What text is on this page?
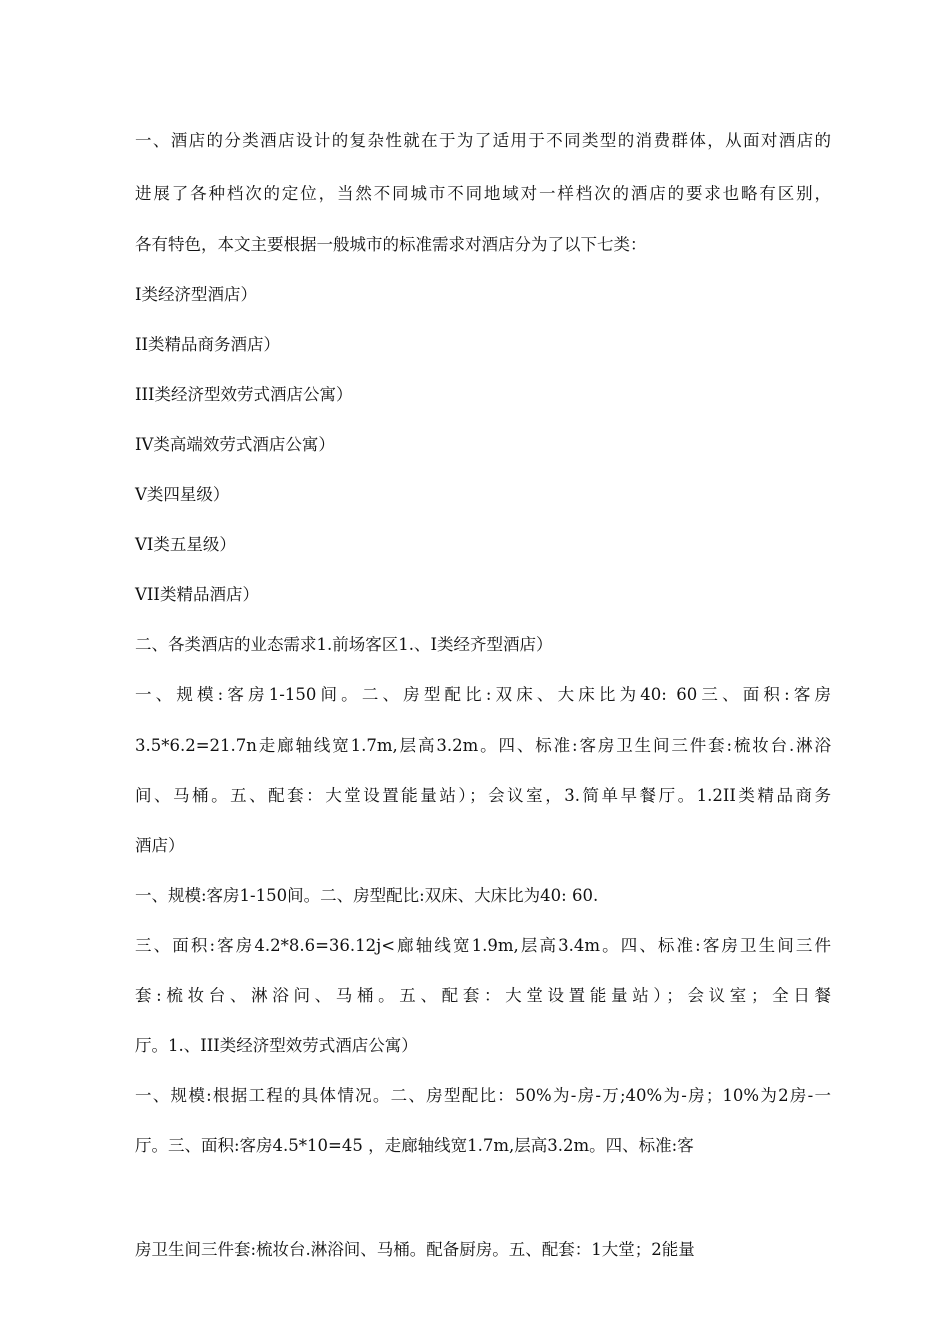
一、酒店的分类酒店设计的复杂性就在于为了适用于不同类型的消费群体，从面对酒店的
进展了各种档次的定位，当然不同城市不同地域对一样档次的酒店的要求也略有区别，
各有特色，本文主要根据一般城市的标准需求对酒店分为了以下七类：
I类经济型酒店）
II类精品商务酒店）
III类经济型效劳式酒店公寓）
IV类高端效劳式酒店公寓）
V类四星级）
VI类五星级）
VII类精品酒店）
二、各类酒店的业态需求1.前场客区1.、I类经齐型酒店）
一、规模:客房1-150间。二、房型配比:双床、大床比为40: 60三、面积:客房
3.5*6.2=21.7n走廊轴线宽1.7m,层高3.2m。四、标准:客房卫生间三件套:梳妆台.淋浴
间、马桶。五、配套：大堂设置能量站）；会议室，3.简单早餐厅。1.2II类精品商务
酒店）
一、规模:客房1-150间。二、房型配比:双床、大床比为40: 60.
三、面积:客房4.2*8.6=36.12j<廊轴线宽1.9m,层高3.4m。四、标准:客房卫生间三件
套:梳妆台、淋浴问、马桶。五、配套：大堂设置能量站）；会议室；全日餐
厅。1.、III类经济型效劳式酒店公寓）
一、规模:根据工程的具体情况。二、房型配比：50%为-房-万;40%为-房；10%为2房-一
厅。三、面积:客房4.5*10=45 ，走廊轴线宽1.7m,层高3.2m。四、标准:客
房卫生间三件套:梳妆台.淋浴间、马桶。配备厨房。五、配套：1大堂；2能量
